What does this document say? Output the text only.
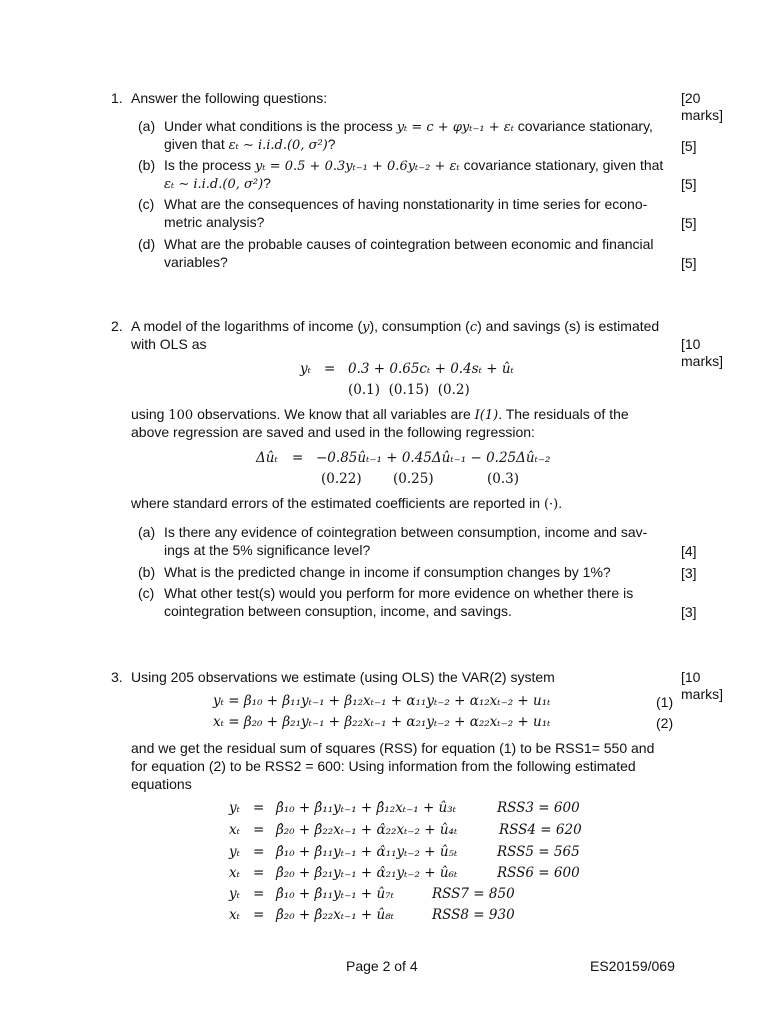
1. Answer the following questions:	[20
marks]
(a) Under what conditions is the process yₜ = c + φyₜ₋₁ + εₜ covariance stationary,
given that εₜ ∼ i.i.d.(0, σ²)?	[5]
(b) Is the process yₜ = 0.5 + 0.3yₜ₋₁ + 0.6yₜ₋₂ + εₜ covariance stationary, given that
εₜ ∼ i.i.d.(0, σ²)?	[5]
(c) What are the consequences of having nonstationarity in time series for econo-
metric analysis?	[5]
(d) What are the probable causes of cointegration between economic and financial
variables?	[5]
2. A model of the logarithms of income (y), consumption (c) and savings (s) is estimated
with OLS as	[10
marks]
yₜ = 0.3 + 0.65cₜ + 0.4sₜ + ûₜ
(0.1)  (0.15)  (0.2)
using 100 observations. We know that all variables are I(1). The residuals of the
above regression are saved and used in the following regression:
Δûₜ = −0.85ûₜ₋₁ + 0.45Δûₜ₋₁ − 0.25Δûₜ₋₂
(0.22) (0.25)	(0.3)
where standard errors of the estimated coefficients are reported in (·).
(a) Is there any evidence of cointegration between consumption, income and sav-
ings at the 5% significance level?	[4]
(b) What is the predicted change in income if consumption changes by 1%?	[3]
(c) What other test(s) would you perform for more evidence on whether there is
cointegration between consuption, income, and savings.	[3]
3. Using 205 observations we estimate (using OLS) the VAR(2) system	[10
marks]
yₜ = β₁₀ + β₁₁yₜ₋₁ + β₁₂xₜ₋₁ + α₁₁yₜ₋₂ + α₁₂xₜ₋₂ + u₁ₜ	(1)
xₜ = β₂₀ + β₂₁yₜ₋₁ + β₂₂xₜ₋₁ + α₂₁yₜ₋₂ + α₂₂xₜ₋₂ + u₁ₜ	(2)
and we get the residual sum of squares (RSS) for equation (1) to be RSS1= 550 and
for equation (2) to be RSS2 = 600: Using information from the following estimated
equations
yₜ = β̂₁₀ + β̂₁₁yₜ₋₁ + β̂₁₂xₜ₋₁ + û₃ₜ	RSS3 = 600
xₜ = β̂₂₀ + β̂₂₂xₜ₋₁ + α̂₂₂xₜ₋₂ + û₄ₜ	RSS4 = 620
yₜ = β̂₁₀ + β̂₁₁yₜ₋₁ + α̂₁₁yₜ₋₂ + û₅ₜ	RSS5 = 565
xₜ = β̂₂₀ + β̂₂₁yₜ₋₁ + α̂₂₁yₜ₋₂ + û₆ₜ	RSS6 = 600
yₜ = β̂₁₀ + β̂₁₁yₜ₋₁ + û₇ₜ	RSS7 = 850
xₜ = β̂₂₀ + β̂₂₂xₜ₋₁ + û₈ₜ	RSS8 = 930
Page 2 of 4	ES20159/069
